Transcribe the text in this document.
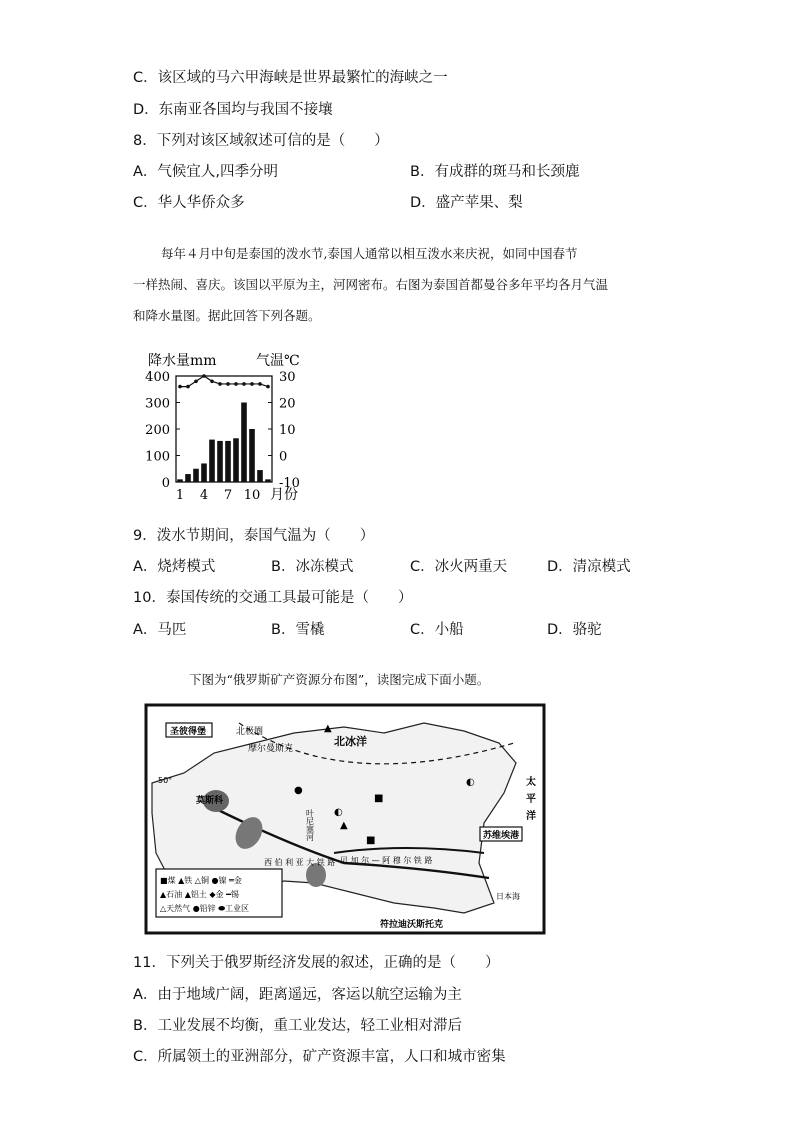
C．该区域的马六甲海峡是世界最繁忙的海峡之一
D．东南亚各国均与我国不接壤
8．下列对该区域叙述可信的是（　　）
A．气候宜人,四季分明	B．有成群的斑马和长颈鹿
C．华人华侨众多	D．盛产苹果、梨
每年４月中旬是泰国的泼水节,泰国人通常以相互泼水来庆祝，如同中国春节
一样热闹、喜庆。该国以平原为主，河网密布。右图为泰国首都曼谷多年平均各月气温
和降水量图。据此回答下列各题。
降水量mm	气温℃
400
300
200
100
0
30
20
10
0
-10
1 4 7 10 月份
9．泼水节期间，泰国气温为（　　）
A．烧烤模式	B．冰冻模式	C．冰火两重天	D．清凉模式
10．泰国传统的交通工具最可能是（　　）
A．马匹	B．雪橇	C．小船	D．骆驼
下图为“俄罗斯矿产资源分布图”，读图完成下面小题。
圣彼得堡	北极圈
摩尔曼斯克
北冰洋
50°
莫斯科
叶尼塞河	苏维埃港
太
平
洋
日本海
符拉迪沃斯托克
贝 加 尔 — 阿 穆 尔 铁 路
西 伯 利 亚 大 铁 路
▲
●
◐
■
◐
▲
■
■煤 ▲铁 △铜 ●镍 ═金
▲石油 ▲铝土 ◆金 ━锡
△天然气 ●铅锌 ⬬工业区
11．下列关于俄罗斯经济发展的叙述，正确的是（　　）
A．由于地域广阔，距离遥远，客运以航空运输为主
B．工业发展不均衡，重工业发达，轻工业相对滞后
C．所属领土的亚洲部分，矿产资源丰富，人口和城市密集
